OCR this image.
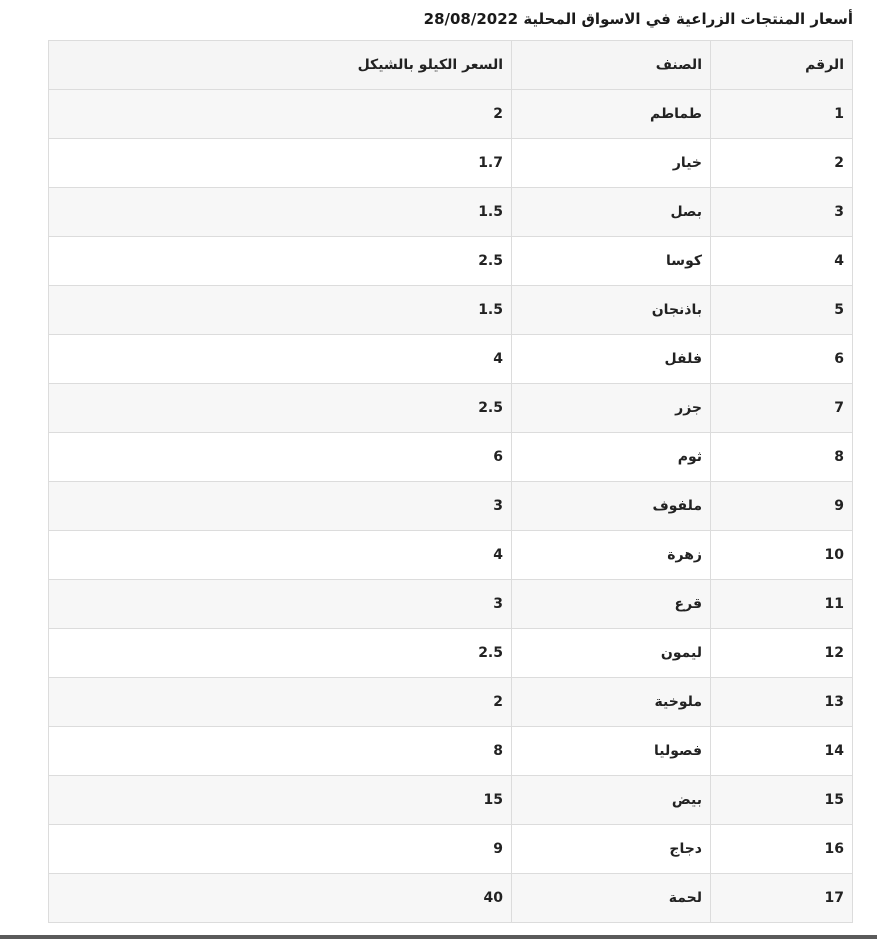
أسعار المنتجات الزراعية في الاسواق المحلية 28/08/2022
الرقم	الصنف	السعر الكيلو بالشيكل
1	طماطم	2
2	خيار	1.7
3	بصل	1.5
4	كوسا	2.5
5	باذنجان	1.5
6	فلفل	4
7	جزر	2.5
8	ثوم	6
9	ملفوف	3
10	زهرة	4
11	قرع	3
12	ليمون	2.5
13	ملوخية	2
14	فصوليا	8
15	بيض	15
16	دجاج	9
17	لحمة	40
